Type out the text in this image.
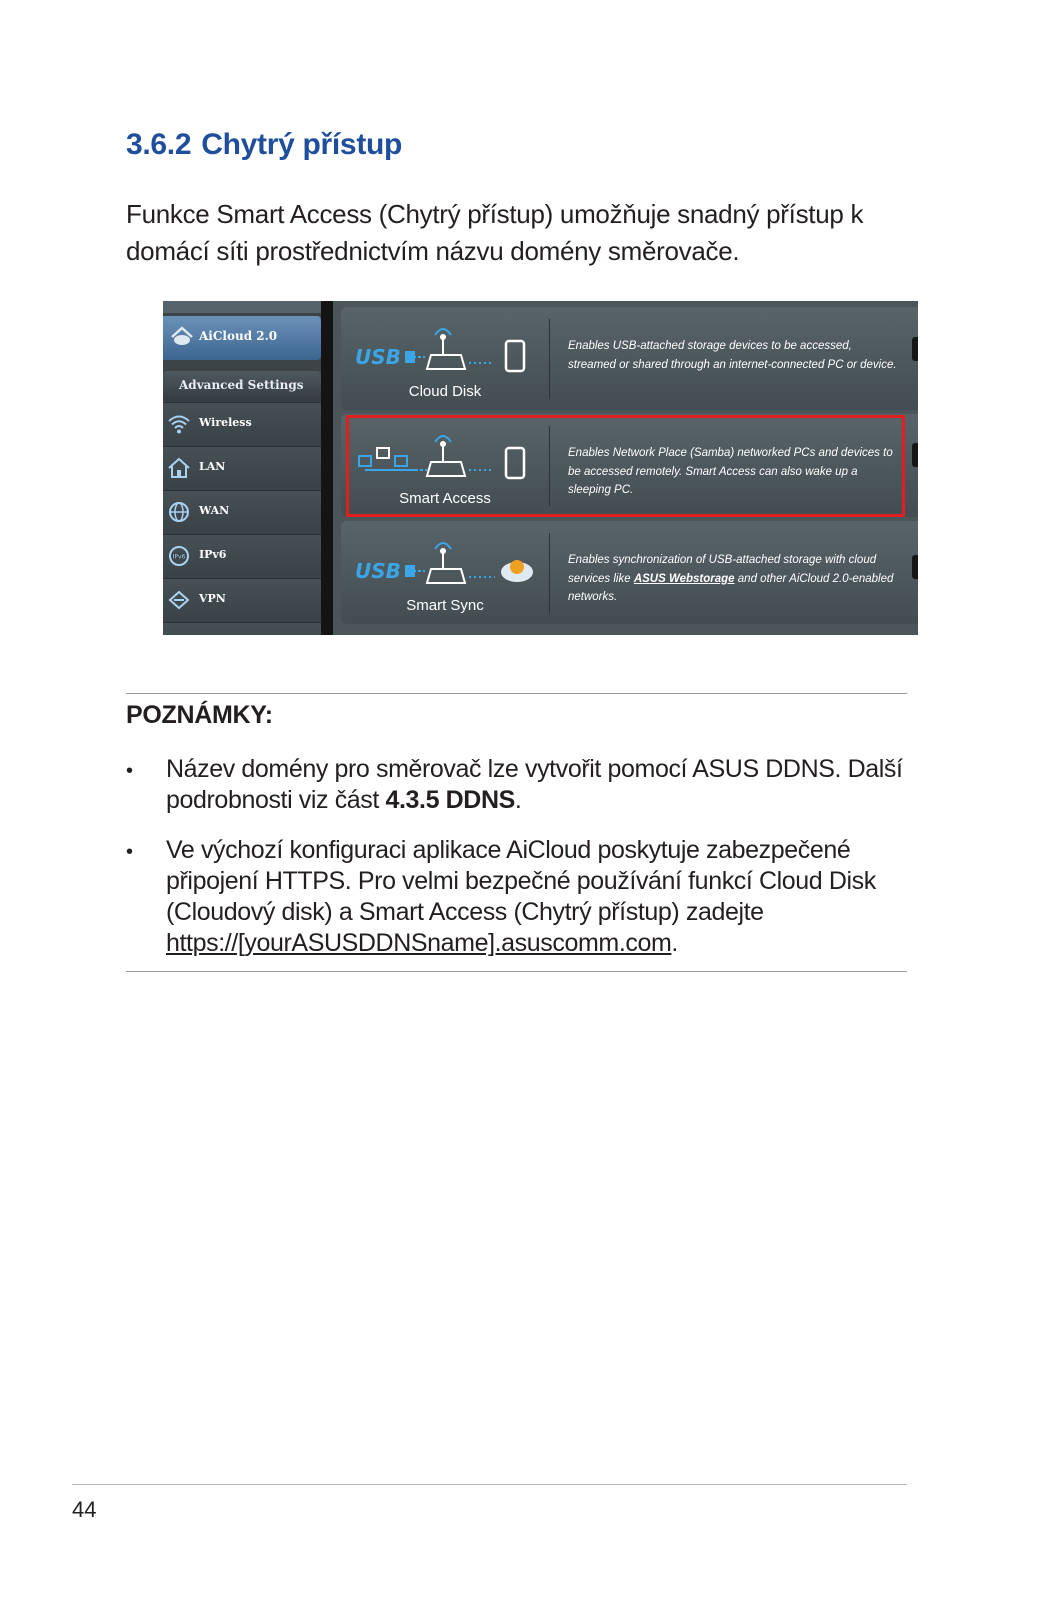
3.6.2 Chytrý přístup
Funkce Smart Access (Chytrý přístup) umožňuje snadný přístup k domácí síti prostřednictvím názvu domény směrovače.
AiCloud 2.0
Advanced Settings
Wireless
LAN
WAN
IPv6 IPv6
VPN
USB
Cloud Disk
Enables USB-attached storage devices to be accessed, streamed or shared through an internet-connected PC or device.
Smart Access
Enables Network Place (Samba) networked PCs and devices to be accessed remotely. Smart Access can also wake up a sleeping PC.
USB
Smart Sync
Enables synchronization of USB-attached storage with cloud services like ASUS Webstorage and other AiCloud 2.0-enabled networks.
POZNÁMKY:
• Název domény pro směrovač lze vytvořit pomocí ASUS DDNS. Další podrobnosti viz část 4.3.5 DDNS.
• Ve výchozí konfiguraci aplikace AiCloud poskytuje zabezpečené připojení HTTPS. Pro velmi bezpečné používání funkcí Cloud Disk (Cloudový disk) a Smart Access (Chytrý přístup) zadejte https://[yourASUSDDNSname].asuscomm.com.
44
